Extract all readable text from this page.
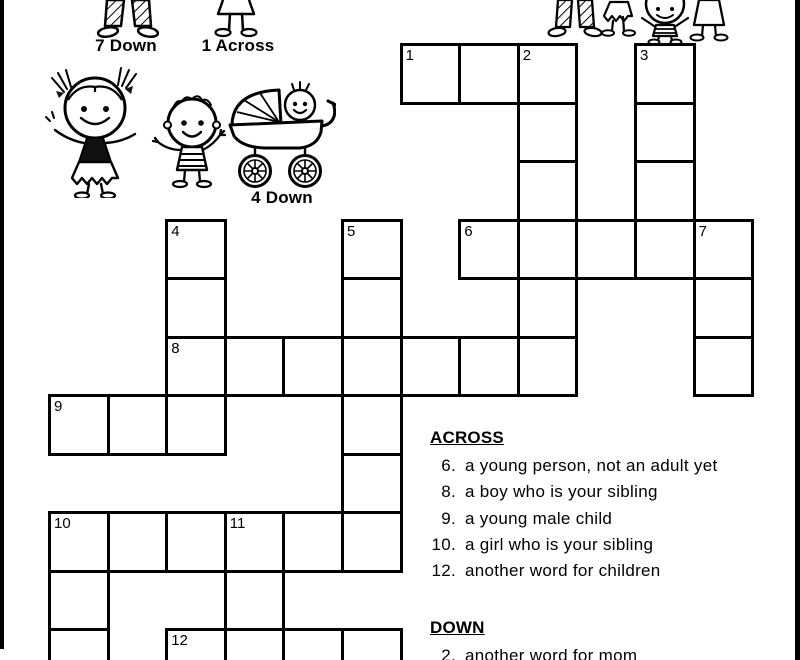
7 Down	1 Across
4 Down
1	2	3
4	5	6	7
8
9
10	11
12
ACROSS
6. a young person, not an adult yet
8. a boy who is your sibling
9. a young male child
10. a girl who is your sibling
12. another word for children
DOWN
2. another word for mom
